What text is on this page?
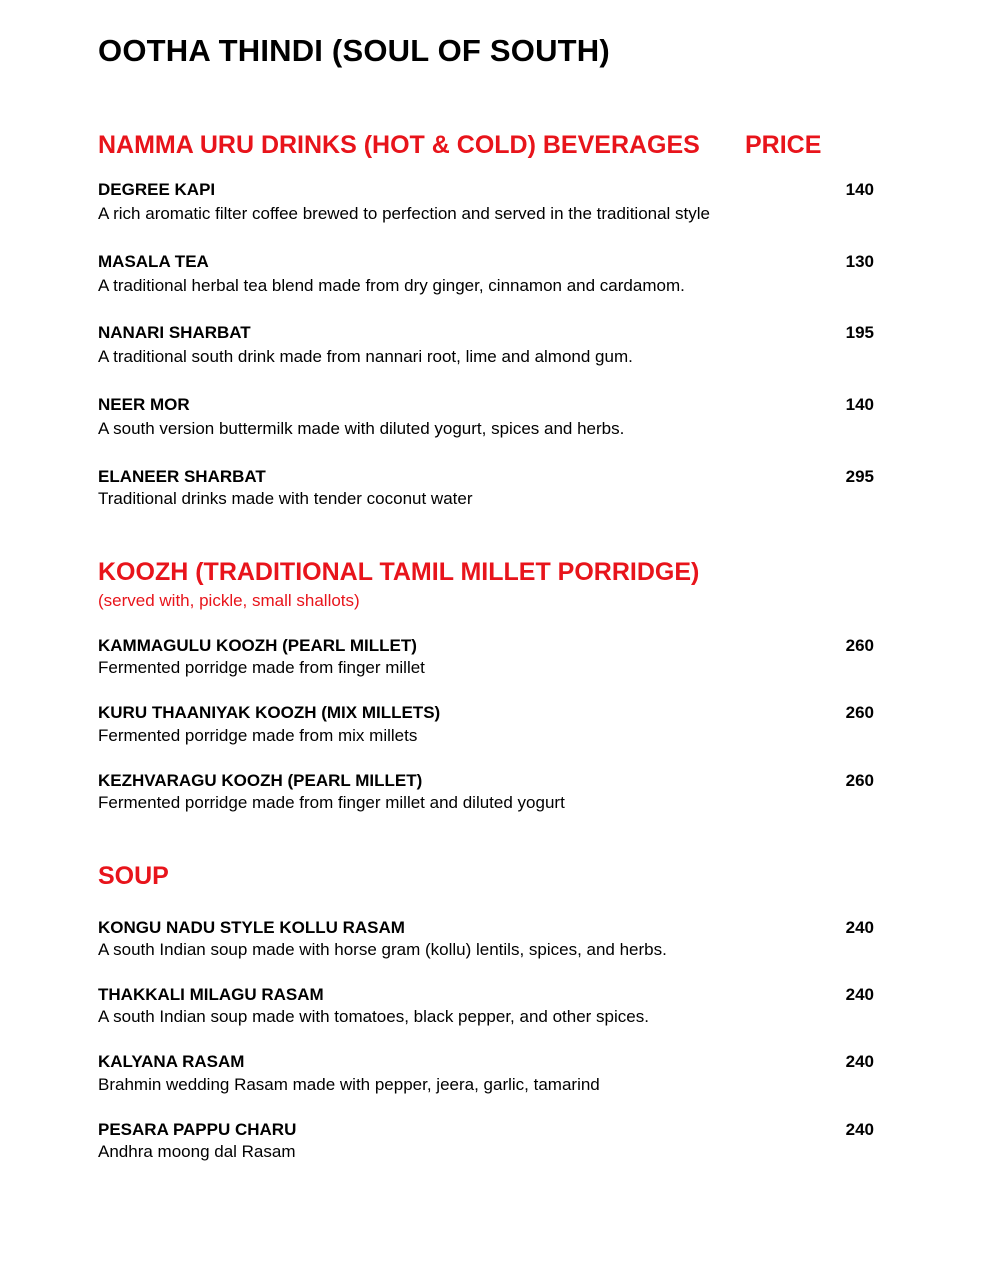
OOTHA THINDI (SOUL OF SOUTH)
NAMMA URU DRINKS (HOT & COLD) BEVERAGES PRICE
DEGREE KAPI	140
A rich aromatic filter coffee brewed to perfection and served in the traditional style
MASALA TEA	130
A traditional herbal tea blend made from dry ginger, cinnamon and cardamom.
NANARI SHARBAT	195
A traditional south drink made from nannari root, lime and almond gum.
NEER MOR	140
A south version buttermilk made with diluted yogurt, spices and herbs.
ELANEER SHARBAT	295
Traditional drinks made with tender coconut water
KOOZH (TRADITIONAL TAMIL MILLET PORRIDGE)
(served with, pickle, small shallots)
KAMMAGULU KOOZH (PEARL MILLET)	260
Fermented porridge made from finger millet
KURU THAANIYAK KOOZH (MIX MILLETS)	260
Fermented porridge made from mix millets
KEZHVARAGU KOOZH (PEARL MILLET)	260
Fermented porridge made from finger millet and diluted yogurt
SOUP
KONGU NADU STYLE KOLLU RASAM	240
A south Indian soup made with horse gram (kollu) lentils, spices, and herbs.
THAKKALI MILAGU RASAM	240
A south Indian soup made with tomatoes, black pepper, and other spices.
KALYANA RASAM	240
Brahmin wedding Rasam made with pepper, jeera, garlic, tamarind
PESARA PAPPU CHARU	240
Andhra moong dal Rasam
